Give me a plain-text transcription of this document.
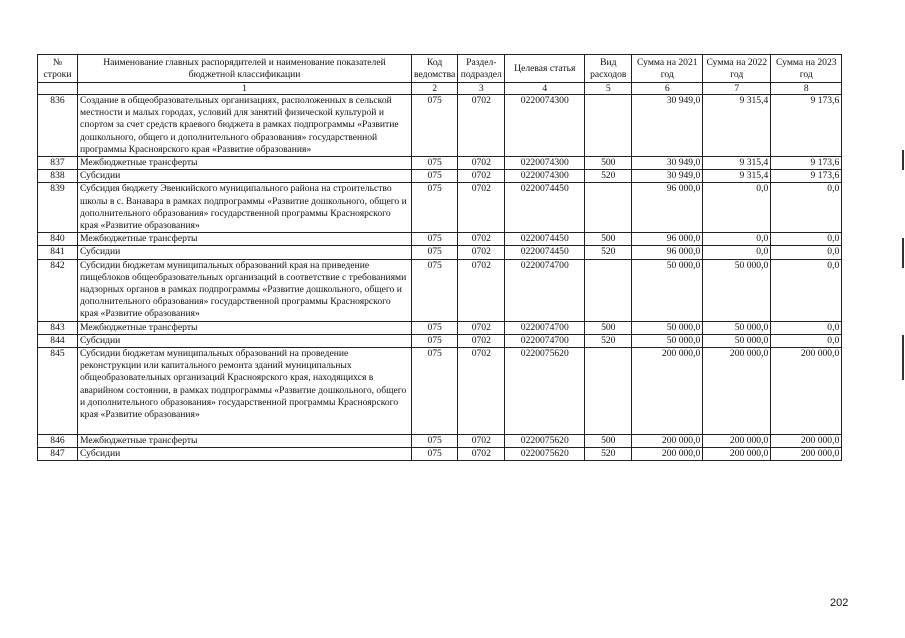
№ строки	Наименование главных распорядителей и наименование показателей бюджетной классификации	Код ведомства	Раздел-подраздел	Целевая статья	Вид расходов	Сумма на 2021 год	Сумма на 2022 год	Сумма на 2023 год
	1	2	3	4	5	6	7	8
836	Создание в общеобразовательных организациях, расположенных в сельской местности и малых городах, условий для занятий физической культурой и спортом за счет средств краевого бюджета в рамках подпрограммы «Развитие дошкольного, общего и дополнительного образования» государственной программы Красноярского края «Развитие образования»	075	0702	0220074300		30 949,0	9 315,4	9 173,6
837	Межбюджетные трансферты	075	0702	0220074300	500	30 949,0	9 315,4	9 173,6
838	Субсидии	075	0702	0220074300	520	30 949,0	9 315,4	9 173,6
839	Субсидия бюджету Эвенкийского муниципального района на строительство школы в с. Ванавара в рамках подпрограммы «Развитие дошкольного, общего и дополнительного образования» государственной программы Красноярского края «Развитие образования»	075	0702	0220074450		96 000,0	0,0	0,0
840	Межбюджетные трансферты	075	0702	0220074450	500	96 000,0	0,0	0,0
841	Субсидии	075	0702	0220074450	520	96 000,0	0,0	0,0
842	Субсидии бюджетам муниципальных образований края на приведение пищеблоков общеобразовательных организаций в соответствие с требованиями надзорных органов в рамках подпрограммы «Развитие дошкольного, общего и дополнительного образования» государственной программы Красноярского края «Развитие образования»	075	0702	0220074700		50 000,0	50 000,0	0,0
843	Межбюджетные трансферты	075	0702	0220074700	500	50 000,0	50 000,0	0,0
844	Субсидии	075	0702	0220074700	520	50 000,0	50 000,0	0,0
845	Субсидии бюджетам муниципальных образований на проведение реконструкции или капитального ремонта зданий муниципальных общеобразовательных организаций Красноярского края, находящихся в аварийном состоянии, в рамках подпрограммы «Развитие дошкольного, общего и дополнительного образования» государственной программы Красноярского края «Развитие образования»	075	0702	0220075620		200 000,0	200 000,0	200 000,0
846	Межбюджетные трансферты	075	0702	0220075620	500	200 000,0	200 000,0	200 000,0
847	Субсидии	075	0702	0220075620	520	200 000,0	200 000,0	200 000,0
202
